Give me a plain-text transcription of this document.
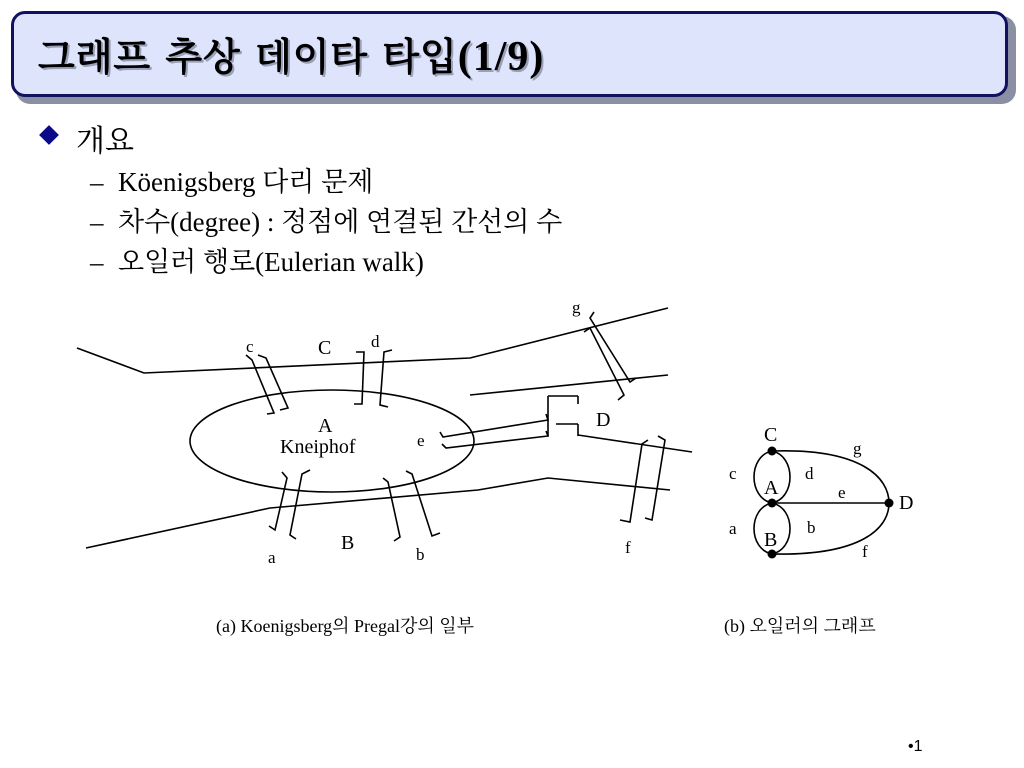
그래프 추상 데이타 타입(1/9)
개요
– Köenigsberg 다리 문제
– 차수(degree) : 정점에 연결된 간선의 수
– 오일러 행로(Eulerian walk)
C
A
Kneiphof
B
D
a	b
c	d
e
f
g
C
A
B
D
a	b
c	d
e
f
g
(a) Koenigsberg의 Pregal강의 일부	(b) 오일러의 그래프
•1
